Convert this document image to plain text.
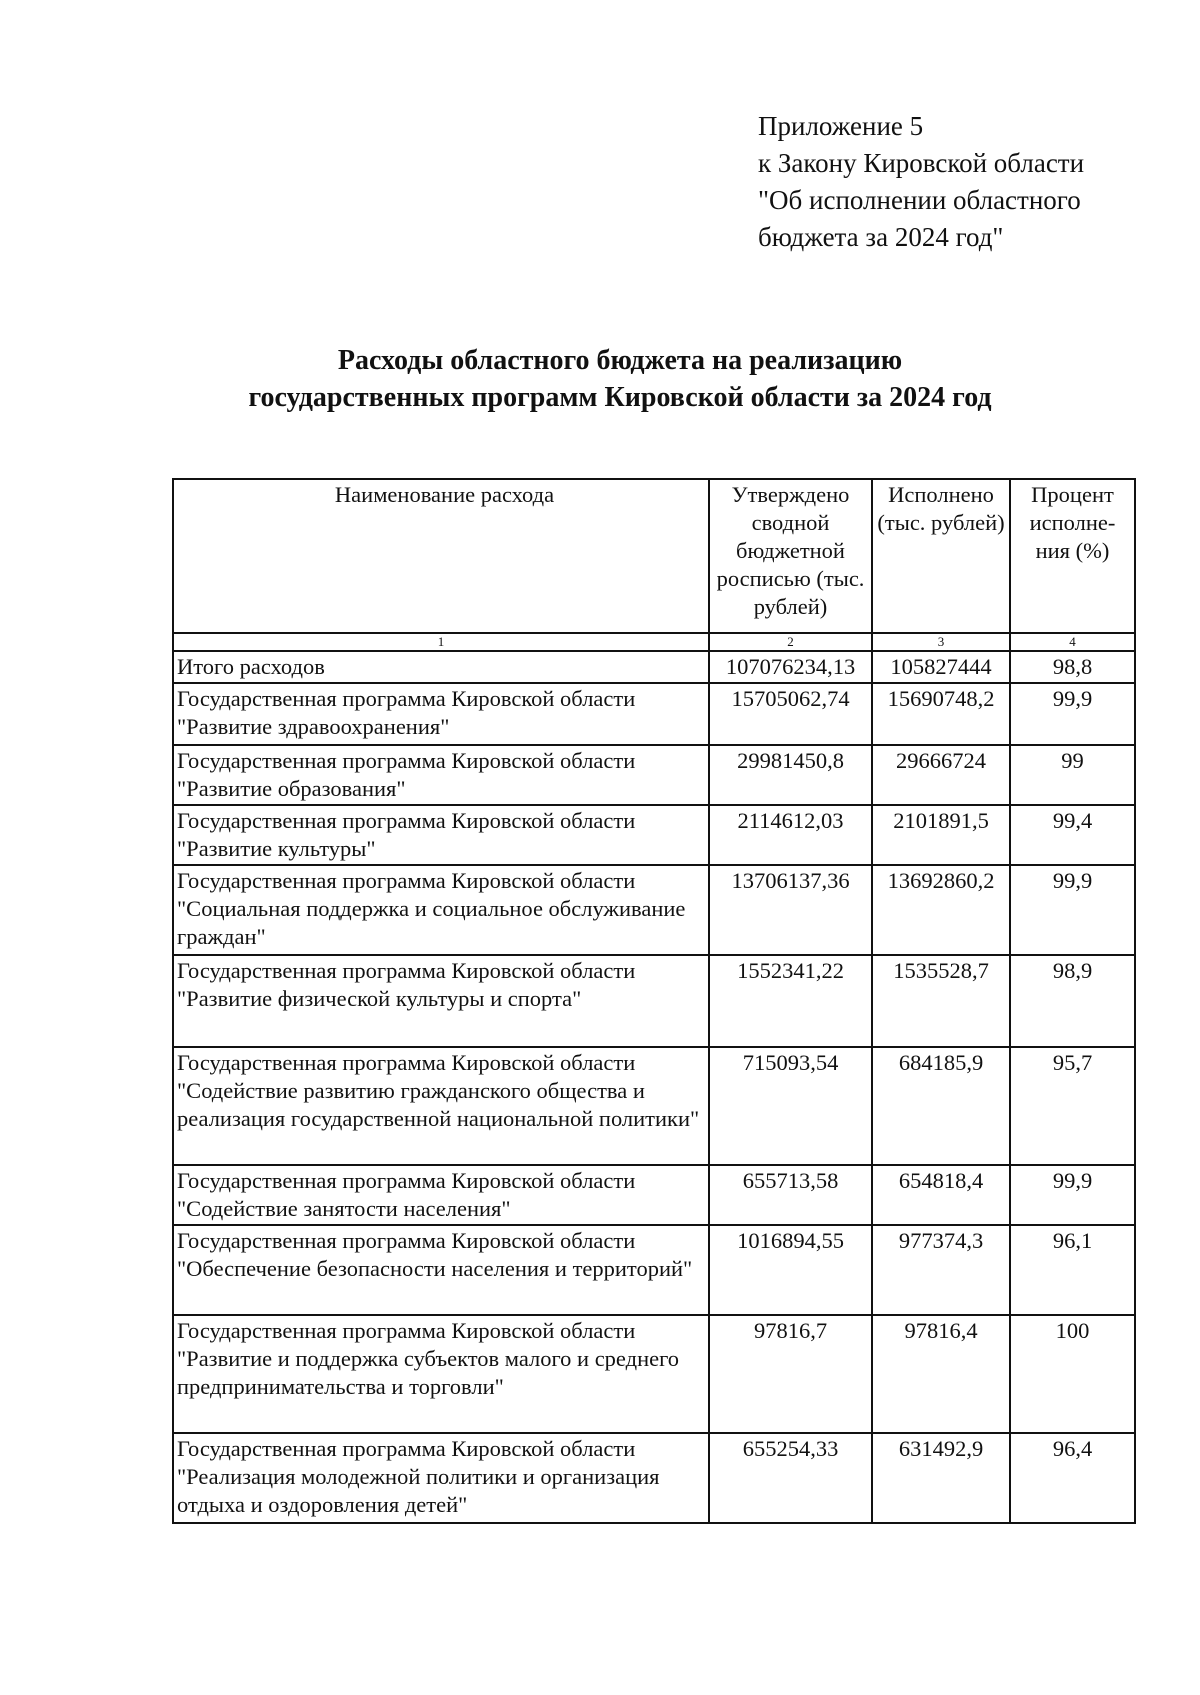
Приложение 5
к Закону Кировской области
"Об исполнении областного
бюджета за 2024 год"
Расходы областного бюджета на реализацию
государственных программ Кировской области за 2024 год
Наименование расхода	Утверждено сводной бюджетной росписью (тыс. рублей)	Исполнено (тыс. рублей)	Процент исполне-ния (%)
1	2	3	4
Итого расходов	107076234,13	105827444	98,8
Государственная программа Кировской области "Развитие здравоохранения"	15705062,74	15690748,2	99,9
Государственная программа Кировской области "Развитие образования"	29981450,8	29666724	99
Государственная программа Кировской области "Развитие культуры"	2114612,03	2101891,5	99,4
Государственная программа Кировской области "Социальная поддержка и социальное обслуживание граждан"	13706137,36	13692860,2	99,9
Государственная программа Кировской области "Развитие физической культуры и спорта"	1552341,22	1535528,7	98,9
Государственная программа Кировской области "Содействие развитию гражданского общества и реализация государственной национальной политики"	715093,54	684185,9	95,7
Государственная программа Кировской области "Содействие занятости населения"	655713,58	654818,4	99,9
Государственная программа Кировской области "Обеспечение безопасности населения и территорий"	1016894,55	977374,3	96,1
Государственная программа Кировской области "Развитие и поддержка субъектов малого и среднего предпринимательства и торговли"	97816,7	97816,4	100
Государственная программа Кировской области "Реализация молодежной политики и организация отдыха и оздоровления детей"	655254,33	631492,9	96,4
